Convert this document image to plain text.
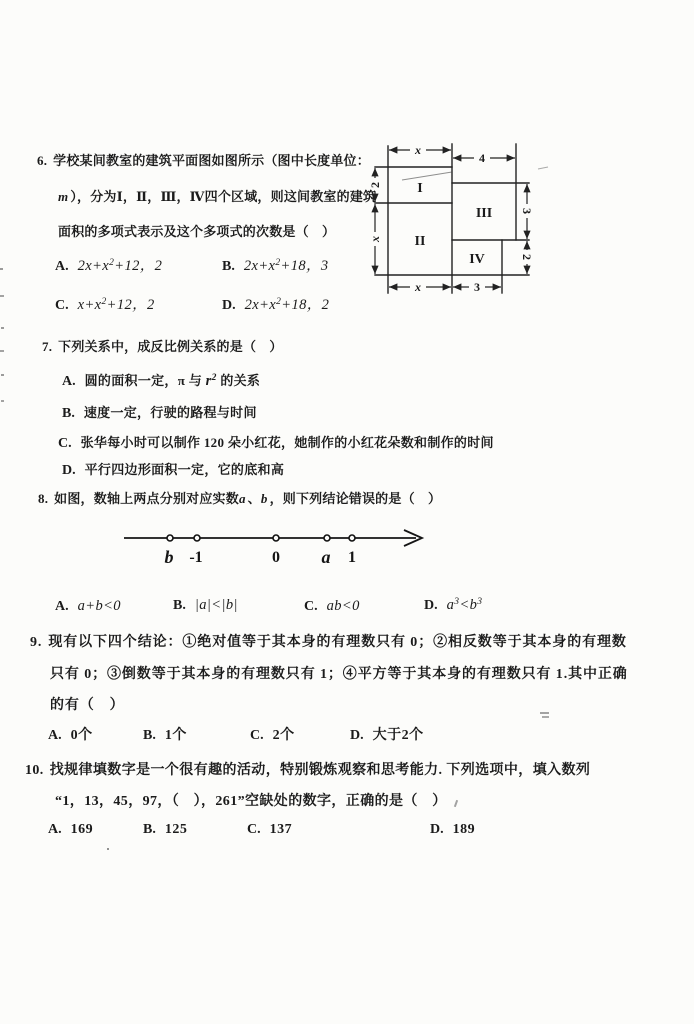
6. 学校某间教室的建筑平面图如图所示（图中长度单位：
m ），分为Ⅰ，Ⅱ，Ⅲ，Ⅳ四个区域，则这间教室的建筑
面积的多项式表示及这个多项式的次数是（　）
A. $2x+x^2+12$，2	B. $2x+x^2+18$，3
C. $x+x^2+12$，2	D. $2x+x^2+18$，2
x
4
x	3
2
x
3
2
I
II
III
IV
7. 下列关系中，成反比例关系的是（　）
A. 圆的面积一定，π 与 $r^2$ 的关系
B. 速度一定，行驶的路程与时间
C. 张华每小时可以制作 120 朵小红花，她制作的小红花朵数和制作的时间
D. 平行四边形面积一定，它的底和高
8. 如图，数轴上两点分别对应实数a 、b ，则下列结论错误的是（　）
b -1	0 a 1
A. a+b<0	B. |a|<|b|	C. ab<0	D. $a^3<b^3$
9. 现有以下四个结论：①绝对值等于其本身的有理数只有 0；②相反数等于其本身的有理数
只有 0；③倒数等于其本身的有理数只有 1；④平方等于其本身的有理数只有 1.其中正确
的有（　）
A. 0个	B. 1个	C. 2个	D. 大于2个
10. 找规律填数字是一个很有趣的活动，特别锻炼观察和思考能力. 下列选项中，填入数列
“1，13，45，97，（　），261”空缺处的数字，正确的是（　）
A. 169	B. 125	C. 137	D. 189
